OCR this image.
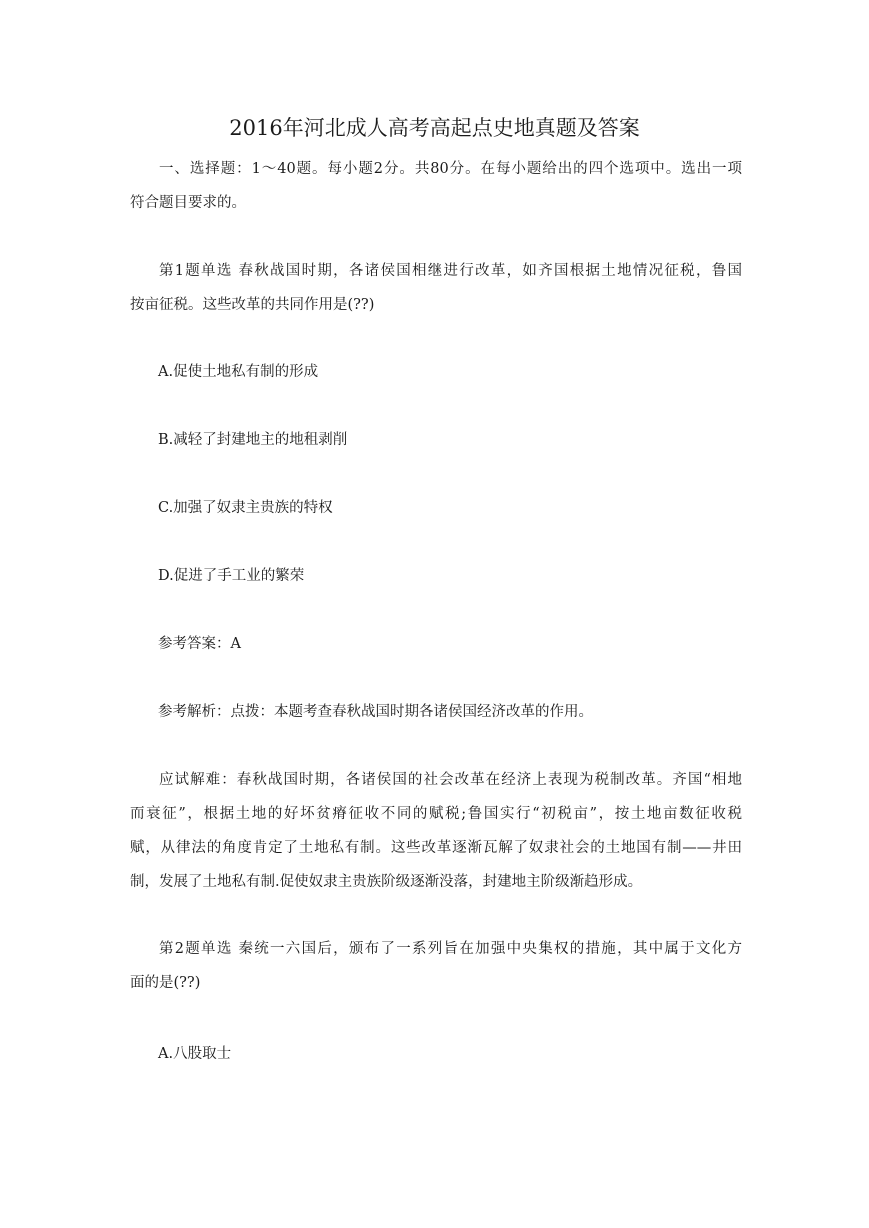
2016年河北成人高考高起点史地真题及答案
一、选择题：1～40题。每小题2分。共80分。在每小题给出的四个选项中。选出一项
符合题目要求的。
第1题单选 春秋战国时期，各诸侯国相继进行改革，如齐国根据土地情况征税，鲁国
按亩征税。这些改革的共同作用是(??)
A.促使土地私有制的形成
B.减轻了封建地主的地租剥削
C.加强了奴隶主贵族的特权
D.促进了手工业的繁荣
参考答案：A
参考解析：点拨：本题考查春秋战国时期各诸侯国经济改革的作用。
应试解难：春秋战国时期，各诸侯国的社会改革在经济上表现为税制改革。齐国“相地
而衰征”，根据土地的好坏贫瘠征收不同的赋税;鲁国实行“初税亩”，按土地亩数征收税
赋，从律法的角度肯定了土地私有制。这些改革逐渐瓦解了奴隶社会的土地国有制——井田
制，发展了土地私有制.促使奴隶主贵族阶级逐渐没落，封建地主阶级渐趋形成。
第2题单选 秦统一六国后，颁布了一系列旨在加强中央集权的措施，其中属于文化方
面的是(??)
A.八股取士
